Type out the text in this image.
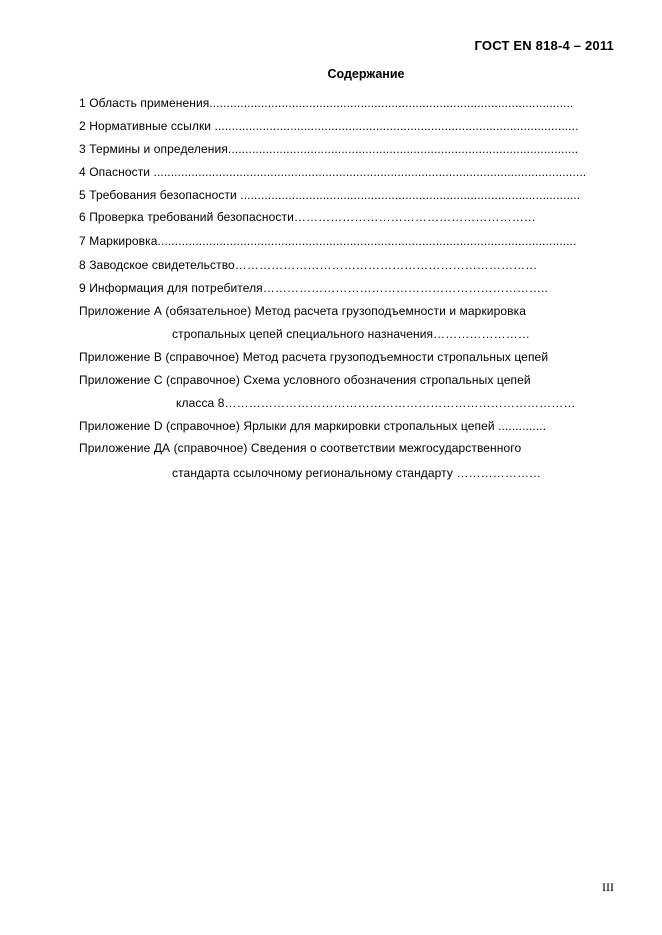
ГОСТ EN 818-4 – 2011
Содержание
1 Область применения..........................................................................................................
2 Нормативные ссылки ..........................................................................................................
3 Термины и определения......................................................................................................
4 Опасности ..............................................................................................................................
5 Требования безопасности ...................................................................................................
6 Проверка требований безопасности……………………………………………………
7 Маркировка..........................................................................................................................
8 Заводское свидетельство…………………………………………………………………
9 Информация для потребителя……………………………………………………………..
Приложение А (обязательное) Метод расчета грузоподъемности и маркировка
стропальных цепей специального назначения……………………
Приложение В (справочное) Метод расчета грузоподъемности стропальных цепей
Приложение С (справочное) Схема условного обозначения стропальных цепей
класса 8……………………………………………………………………………
Приложение D (справочное) Ярлыки для маркировки стропальных цепей ..............
Приложение ДА (справочное) Сведения о соответствии межгосударственного
стандарта ссылочному региональному стандарту …………………
III
